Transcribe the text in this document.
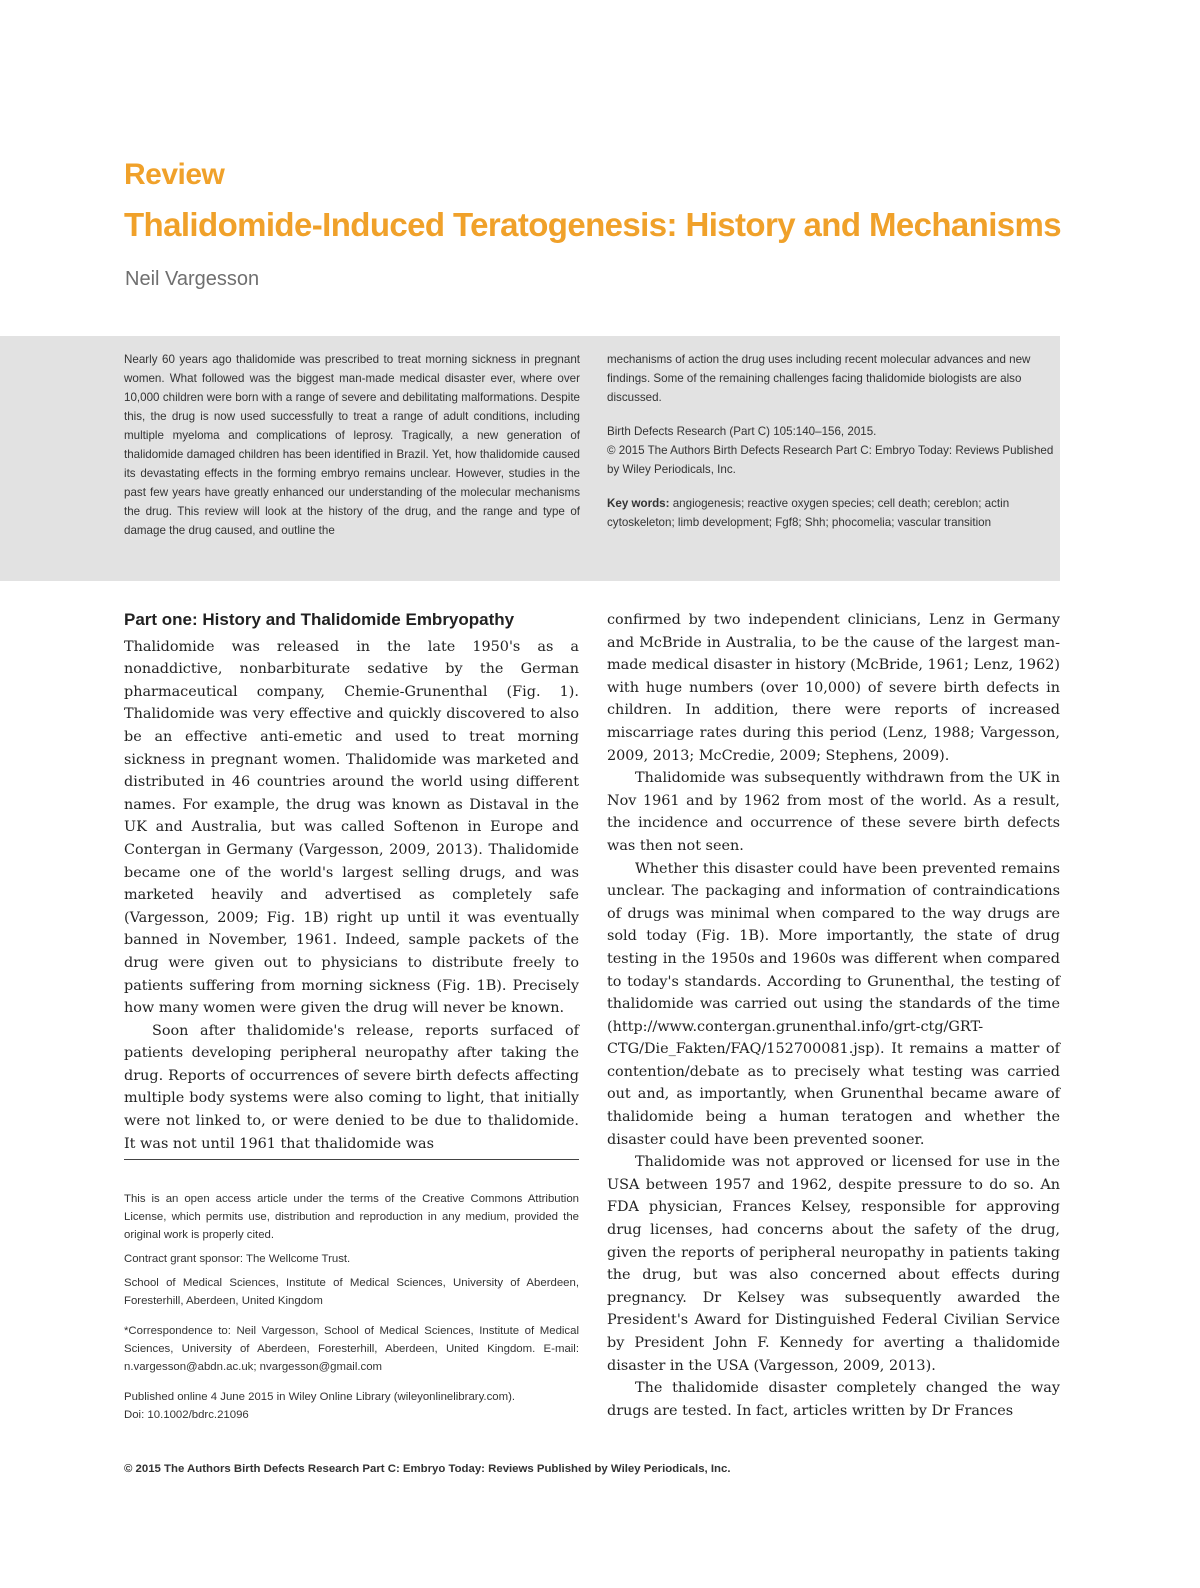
Review
Thalidomide-Induced Teratogenesis: History and Mechanisms
Neil Vargesson
Nearly 60 years ago thalidomide was prescribed to treat morning sickness in pregnant women. What followed was the biggest man-made medical disaster ever, where over 10,000 children were born with a range of severe and debilitating malformations. Despite this, the drug is now used successfully to treat a range of adult conditions, including multiple myeloma and complications of leprosy. Tragically, a new generation of thalidomide damaged children has been identified in Brazil. Yet, how thalidomide caused its devastating effects in the forming embryo remains unclear. However, studies in the past few years have greatly enhanced our understanding of the molecular mechanisms the drug. This review will look at the history of the drug, and the range and type of damage the drug caused, and outline the

mechanisms of action the drug uses including recent molecular advances and new findings. Some of the remaining challenges facing thalidomide biologists are also discussed.

Birth Defects Research (Part C) 105:140–156, 2015.
© 2015 The Authors Birth Defects Research Part C: Embryo Today: Reviews Published by Wiley Periodicals, Inc.

Key words: angiogenesis; reactive oxygen species; cell death; cereblon; actin cytoskeleton; limb development; Fgf8; Shh; phocomelia; vascular transition

Part one: History and Thalidomide Embryopathy

Thalidomide was released in the late 1950's as a nonaddictive, nonbarbiturate sedative by the German pharmaceutical company, Chemie-Grunenthal (Fig. 1). Thalidomide was very effective and quickly discovered to also be an effective anti-emetic and used to treat morning sickness in pregnant women. Thalidomide was marketed and distributed in 46 countries around the world using different names. For example, the drug was known as Distaval in the UK and Australia, but was called Softenon in Europe and Contergan in Germany (Vargesson, 2009, 2013). Thalidomide became one of the world's largest selling drugs, and was marketed heavily and advertised as completely safe (Vargesson, 2009; Fig. 1B) right up until it was eventually banned in November, 1961. Indeed, sample packets of the drug were given out to physicians to distribute freely to patients suffering from morning sickness (Fig. 1B). Precisely how many women were given the drug will never be known.

Soon after thalidomide's release, reports surfaced of patients developing peripheral neuropathy after taking the drug. Reports of occurrences of severe birth defects affecting multiple body systems were also coming to light, that initially were not linked to, or were denied to be due to thalidomide. It was not until 1961 that thalidomide was

This is an open access article under the terms of the Creative Commons Attribution License, which permits use, distribution and reproduction in any medium, provided the original work is properly cited.

Contract grant sponsor: The Wellcome Trust.

School of Medical Sciences, Institute of Medical Sciences, University of Aberdeen, Foresterhill, Aberdeen, United Kingdom

*Correspondence to: Neil Vargesson, School of Medical Sciences, Institute of Medical Sciences, University of Aberdeen, Foresterhill, Aberdeen, United Kingdom. E-mail: n.vargesson@abdn.ac.uk; nvargesson@gmail.com

Published online 4 June 2015 in Wiley Online Library (wileyonlinelibrary.com).
Doi: 10.1002/bdrc.21096

confirmed by two independent clinicians, Lenz in Germany and McBride in Australia, to be the cause of the largest man-made medical disaster in history (McBride, 1961; Lenz, 1962) with huge numbers (over 10,000) of severe birth defects in children. In addition, there were reports of increased miscarriage rates during this period (Lenz, 1988; Vargesson, 2009, 2013; McCredie, 2009; Stephens, 2009).

Thalidomide was subsequently withdrawn from the UK in Nov 1961 and by 1962 from most of the world. As a result, the incidence and occurrence of these severe birth defects was then not seen.

Whether this disaster could have been prevented remains unclear. The packaging and information of contraindications of drugs was minimal when compared to the way drugs are sold today (Fig. 1B). More importantly, the state of drug testing in the 1950s and 1960s was different when compared to today's standards. According to Grunenthal, the testing of thalidomide was carried out using the standards of the time (http://www.contergan.grunenthal.info/grt-ctg/GRT-CTG/Die_Fakten/FAQ/152700081.jsp). It remains a matter of contention/debate as to precisely what testing was carried out and, as importantly, when Grunenthal became aware of thalidomide being a human teratogen and whether the disaster could have been prevented sooner.

Thalidomide was not approved or licensed for use in the USA between 1957 and 1962, despite pressure to do so. An FDA physician, Frances Kelsey, responsible for approving drug licenses, had concerns about the safety of the drug, given the reports of peripheral neuropathy in patients taking the drug, but was also concerned about effects during pregnancy. Dr Kelsey was subsequently awarded the President's Award for Distinguished Federal Civilian Service by President John F. Kennedy for averting a thalidomide disaster in the USA (Vargesson, 2009, 2013).

The thalidomide disaster completely changed the way drugs are tested. In fact, articles written by Dr Frances

© 2015 The Authors Birth Defects Research Part C: Embryo Today: Reviews Published by Wiley Periodicals, Inc.
